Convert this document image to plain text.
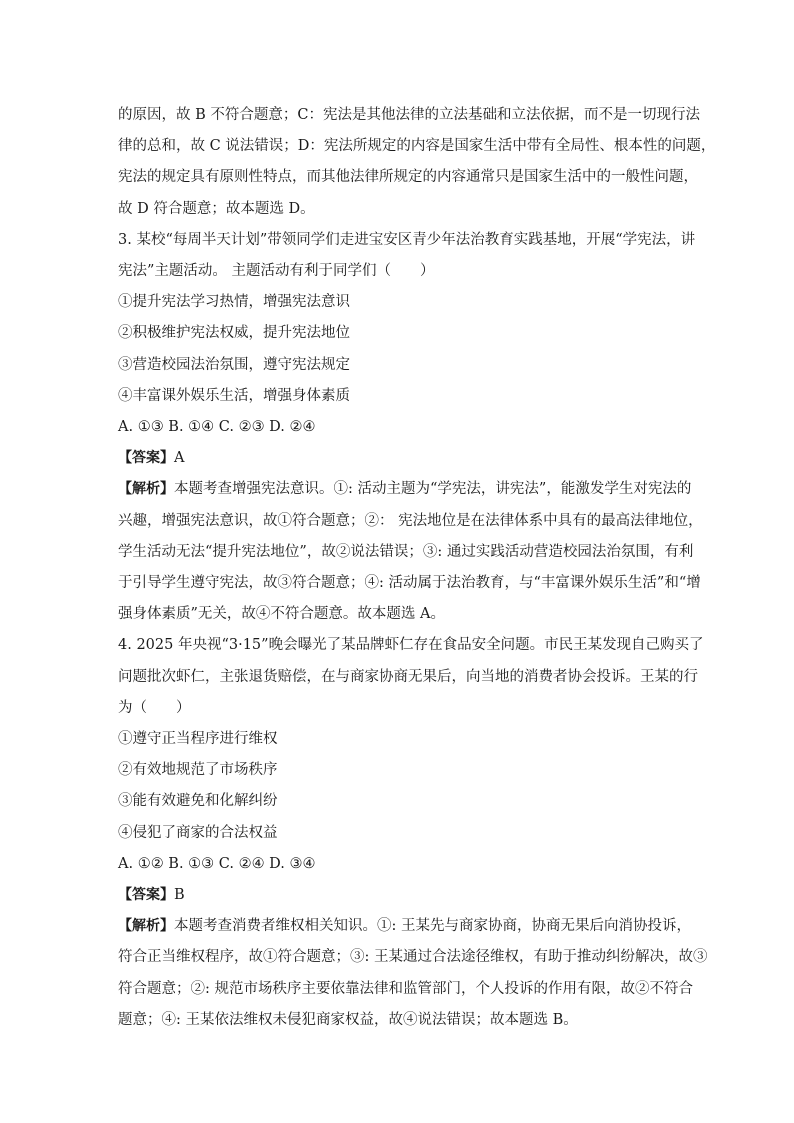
的原因，故 B 不符合题意；C：宪法是其他法律的立法基础和立法依据，而不是一切现行法
律的总和，故 C 说法错误；D：宪法所规定的内容是国家生活中带有全局性、根本性的问题，
宪法的规定具有原则性特点，而其他法律所规定的内容通常只是国家生活中的一般性问题，
故 D 符合题意；故本题选 D。
3. 某校“每周半天计划”带领同学们走进宝安区青少年法治教育实践基地，开展“学宪法，讲
宪法”主题活动。 主题活动有利于同学们（　　）
①提升宪法学习热情，增强宪法意识
②积极维护宪法权威，提升宪法地位
③营造校园法治氛围，遵守宪法规定
④丰富课外娱乐生活，增强身体素质
A. ①③ B. ①④ C. ②③ D. ②④
【答案】A
【解析】本题考查增强宪法意识。①: 活动主题为“学宪法，讲宪法”，能激发学生对宪法的
兴趣，增强宪法意识，故①符合题意；②： 宪法地位是在法律体系中具有的最高法律地位，
学生活动无法“提升宪法地位”，故②说法错误；③: 通过实践活动营造校园法治氛围，有利
于引导学生遵守宪法，故③符合题意；④: 活动属于法治教育，与“丰富课外娱乐生活”和“增
强身体素质”无关，故④不符合题意。故本题选 A。
4. 2025 年央视“3·15”晚会曝光了某品牌虾仁存在食品安全问题。市民王某发现自己购买了
问题批次虾仁，主张退货赔偿，在与商家协商无果后，向当地的消费者协会投诉。王某的行
为（　　）
①遵守正当程序进行维权
②有效地规范了市场秩序
③能有效避免和化解纠纷
④侵犯了商家的合法权益
A. ①② B. ①③ C. ②④ D. ③④
【答案】B
【解析】本题考查消费者维权相关知识。①: 王某先与商家协商，协商无果后向消协投诉，
符合正当维权程序，故①符合题意；③: 王某通过合法途径维权，有助于推动纠纷解决，故③
符合题意；②: 规范市场秩序主要依靠法律和监管部门，个人投诉的作用有限，故②不符合
题意；④: 王某依法维权未侵犯商家权益，故④说法错误；故本题选 B。
